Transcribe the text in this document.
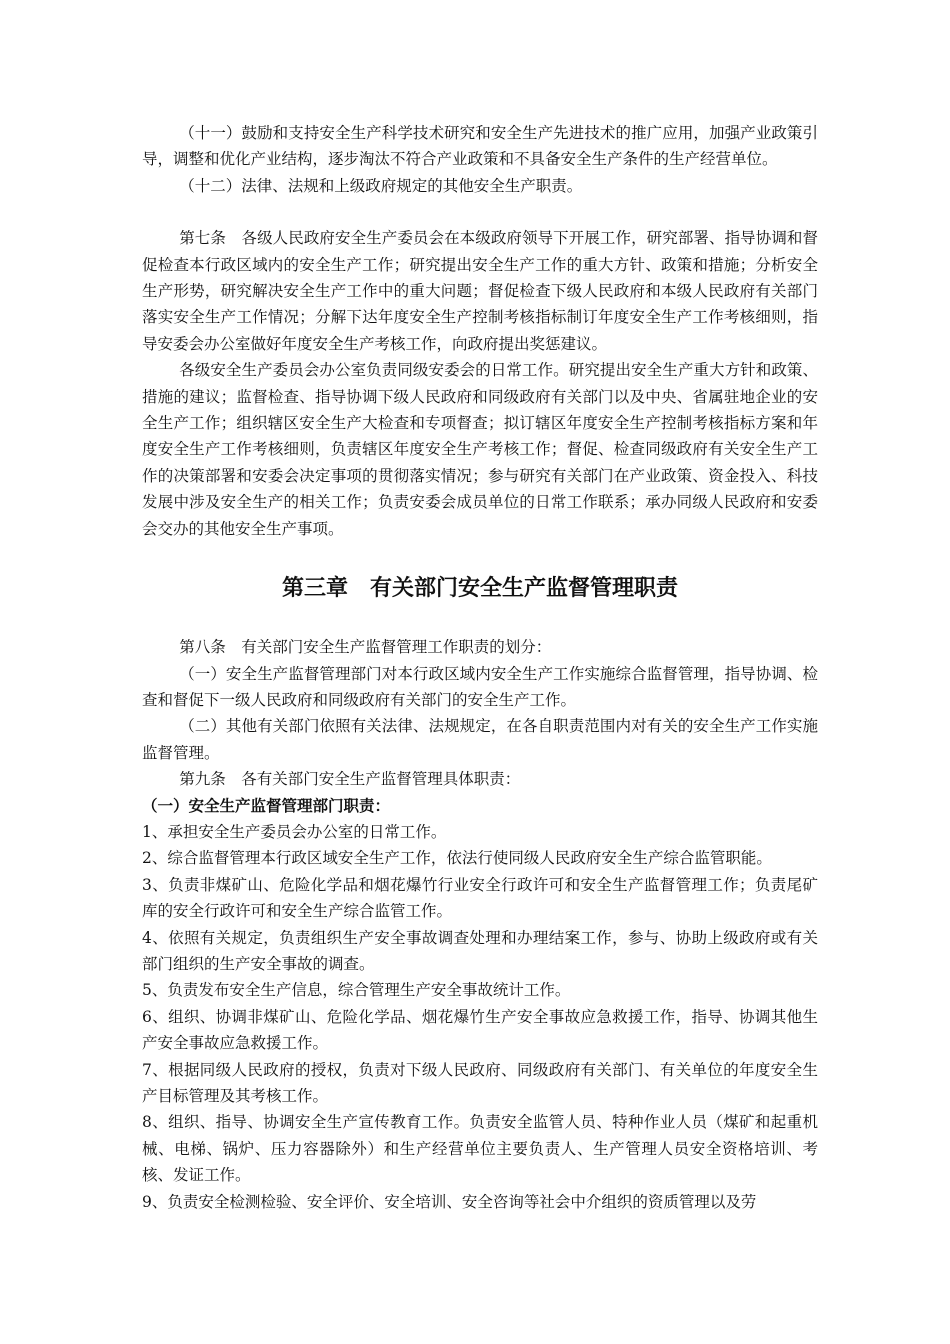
（十一）鼓励和支持安全生产科学技术研究和安全生产先进技术的推广应用，加强产业政策引导，调整和优化产业结构，逐步淘汰不符合产业政策和不具备安全生产条件的生产经营单位。

（十二）法律、法规和上级政府规定的其他安全生产职责。

第七条　各级人民政府安全生产委员会在本级政府领导下开展工作，研究部署、指导协调和督促检查本行政区域内的安全生产工作；研究提出安全生产工作的重大方针、政策和措施；分析安全生产形势，研究解决安全生产工作中的重大问题；督促检查下级人民政府和本级人民政府有关部门落实安全生产工作情况；分解下达年度安全生产控制考核指标制订年度安全生产工作考核细则，指导安委会办公室做好年度安全生产考核工作，向政府提出奖惩建议。

各级安全生产委员会办公室负责同级安委会的日常工作。研究提出安全生产重大方针和政策、措施的建议；监督检查、指导协调下级人民政府和同级政府有关部门以及中央、省属驻地企业的安全生产工作；组织辖区安全生产大检查和专项督查；拟订辖区年度安全生产控制考核指标方案和年度安全生产工作考核细则，负责辖区年度安全生产考核工作；督促、检查同级政府有关安全生产工作的决策部署和安委会决定事项的贯彻落实情况；参与研究有关部门在产业政策、资金投入、科技发展中涉及安全生产的相关工作；负责安委会成员单位的日常工作联系；承办同级人民政府和安委会交办的其他安全生产事项。

第三章　有关部门安全生产监督管理职责

第八条　有关部门安全生产监督管理工作职责的划分：

（一）安全生产监督管理部门对本行政区域内安全生产工作实施综合监督管理，指导协调、检查和督促下一级人民政府和同级政府有关部门的安全生产工作。

（二）其他有关部门依照有关法律、法规规定，在各自职责范围内对有关的安全生产工作实施监督管理。

第九条　各有关部门安全生产监督管理具体职责：

（一）安全生产监督管理部门职责：

1、承担安全生产委员会办公室的日常工作。

2、综合监督管理本行政区域安全生产工作，依法行使同级人民政府安全生产综合监管职能。

3、负责非煤矿山、危险化学品和烟花爆竹行业安全行政许可和安全生产监督管理工作；负责尾矿库的安全行政许可和安全生产综合监管工作。

4、依照有关规定，负责组织生产安全事故调查处理和办理结案工作，参与、协助上级政府或有关部门组织的生产安全事故的调查。

5、负责发布安全生产信息，综合管理生产安全事故统计工作。

6、组织、协调非煤矿山、危险化学品、烟花爆竹生产安全事故应急救援工作，指导、协调其他生产安全事故应急救援工作。

7、根据同级人民政府的授权，负责对下级人民政府、同级政府有关部门、有关单位的年度安全生产目标管理及其考核工作。

8、组织、指导、协调安全生产宣传教育工作。负责安全监管人员、特种作业人员（煤矿和起重机械、电梯、锅炉、压力容器除外）和生产经营单位主要负责人、生产管理人员安全资格培训、考核、发证工作。

9、负责安全检测检验、安全评价、安全培训、安全咨询等社会中介组织的资质管理以及劳
